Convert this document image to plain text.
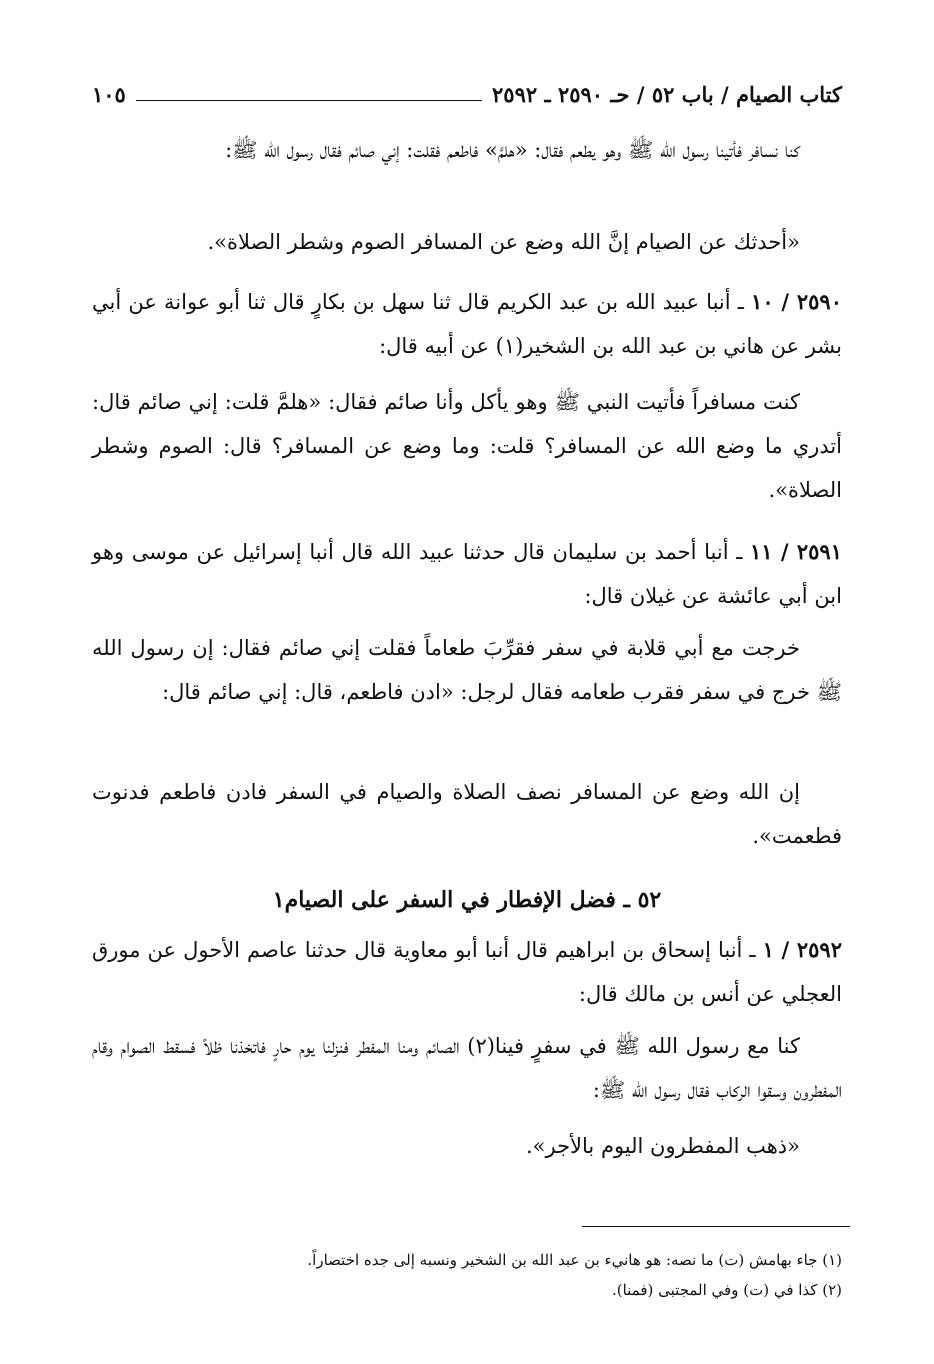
كتاب الصيام / باب ٥٢ / حـ ٢٥٩٠ ـ ٢٥٩٢
١٠٥

كنا نسافر فأتينا رسول الله ﷺ وهو يطعم فقال: «هلمَّ» فاطعم فقلت: إني صائم فقال رسول الله ﷺ:

«أحدثك عن الصيام إنَّ الله وضع عن المسافر الصوم وشطر الصلاة».

٢٥٩٠ / ١٠ ـ أنبا عبيد الله بن عبد الكريم قال ثنا سهل بن بكارٍ قال ثنا أبو عوانة عن أبي بشر عن هاني بن عبد الله بن الشخير(١) عن أبيه قال:

كنت مسافراً فأتيت النبي ﷺ وهو يأكل وأنا صائم فقال: «هلمَّ قلت: إني صائم قال: أتدري ما وضع الله عن المسافر؟ قلت: وما وضع عن المسافر؟ قال: الصوم وشطر الصلاة».

٢٥٩١ / ١١ ـ أنبا أحمد بن سليمان قال حدثنا عبيد الله قال أنبا إسرائيل عن موسى وهو ابن أبي عائشة عن غيلان قال:

خرجت مع أبي قلابة في سفر فقرِّبَ طعاماً فقلت إني صائم فقال: إن رسول الله ﷺ خرج في سفر فقرب طعامه فقال لرجل: «ادن فاطعم، قال: إني صائم قال:

إن الله وضع عن المسافر نصف الصلاة والصيام في السفر فادن فاطعم فدنوت فطعمت».

٥٢ ـ فضل الإفطار في السفر على الصيام١

٢٥٩٢ / ١ ـ أنبا إسحاق بن ابراهيم قال أنبا أبو معاوية قال حدثنا عاصم الأحول عن مورق العجلي عن أنس بن مالك قال:

كنا مع رسول الله ﷺ في سفرٍ فينا(٢) الصائم ومنا المفطر فنزلنا يوم حارٍ فاتخذنا ظلاً فسقط الصوام وقام المفطرون وسقوا الركاب فقال رسول الله ﷺ:

«ذهب المفطرون اليوم بالأجر».

(١) جاء بهامش (ت) ما نصه: هو هانيء بن عبد الله بن الشخير ونسبه إلى جده اختصاراً.

(٢) كذا في (ت) وفي المجتبى (فمنا).
